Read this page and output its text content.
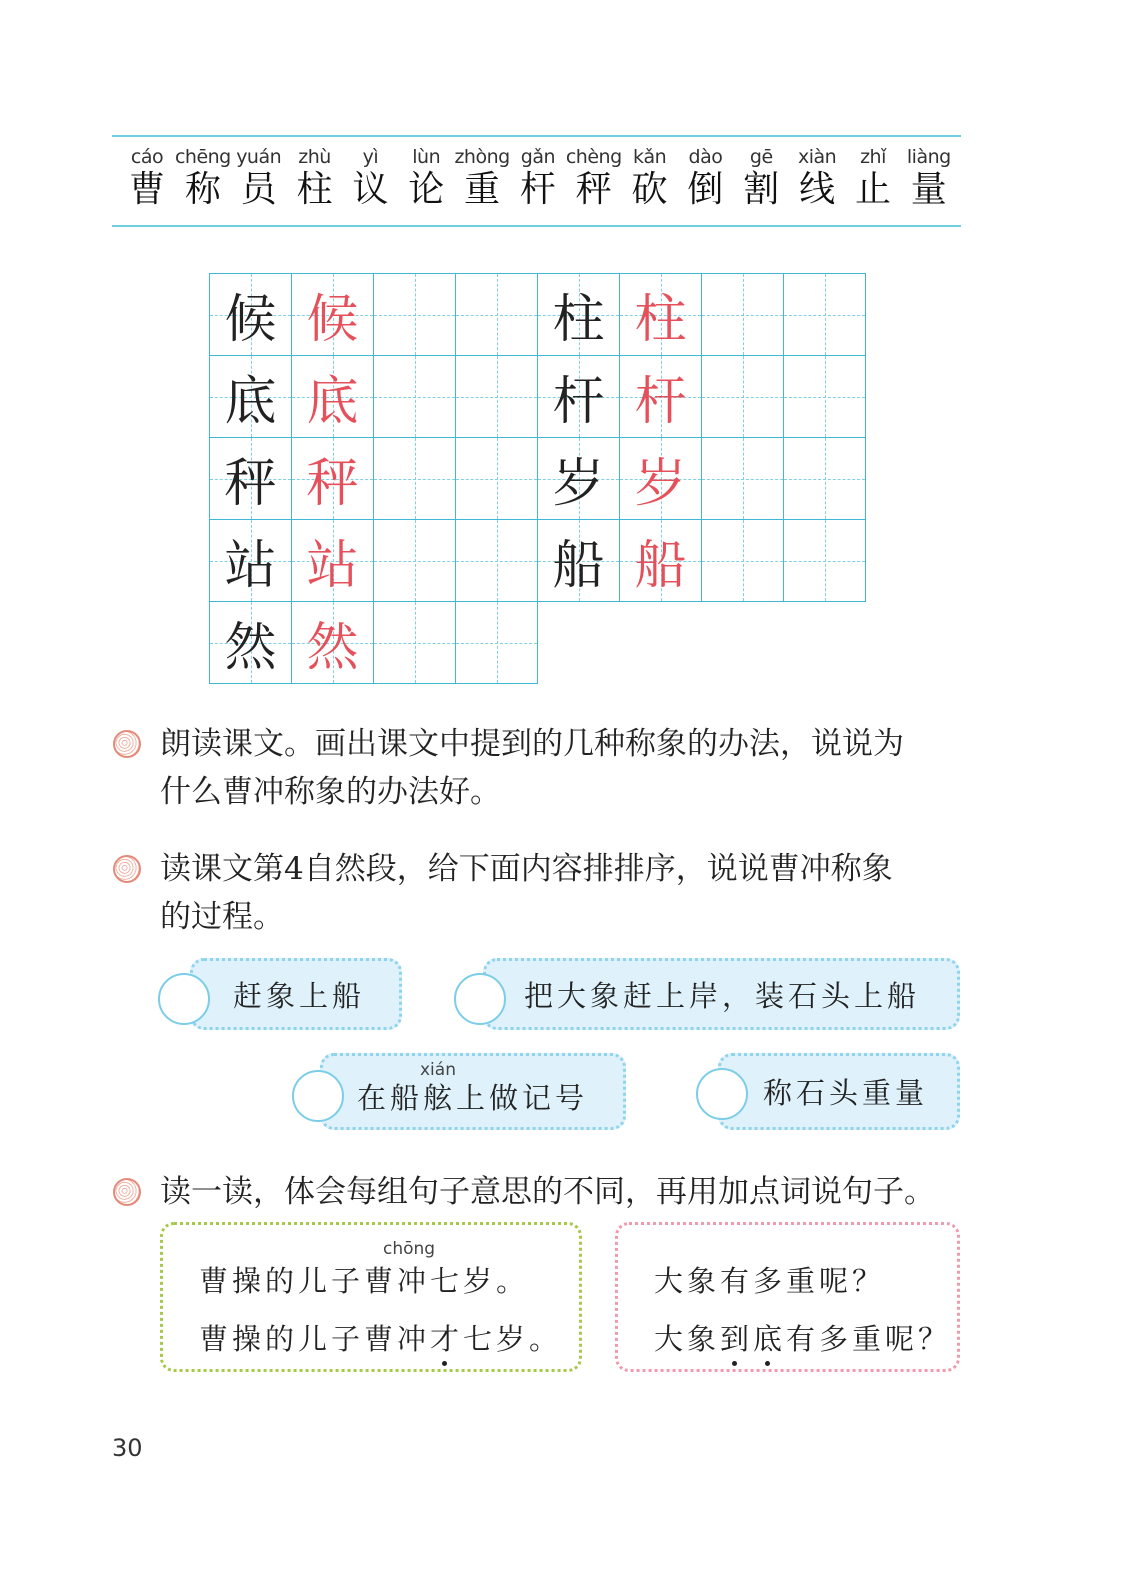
cáo
曹
chēng
称
yuán
员
zhù
柱
yì
议
lùn
论
zhòng
重
gǎn
杆
chèng
秤
kǎn
砍
dào
倒
gē
割
xiàn
线
zhǐ
止
liàng
量
候 候
底 底
秤 秤
站 站
然 然
柱 柱
杆 杆
岁 岁
船 船
朗读课文。画出课文中提到的几种称象的办法，说说为
什么曹冲称象的办法好。
读课文第4自然段，给下面内容排排序，说说曹冲称象
的过程。
赶象上船	把大象赶上岸，装石头上船
xián
在船舷上做记号	称石头重量
读一读，体会每组句子意思的不同，再用加点词说句子。
chōng
曹操的儿子曹冲七岁。
曹操的儿子曹冲才七岁。
大象有多重呢？
大象到底有多重呢？
30
